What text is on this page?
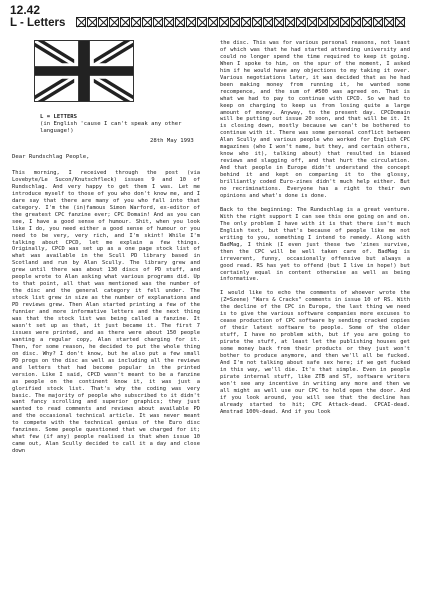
12.42
L - Letters
L = LETTERS
(in English 'cause I can't speak any other language!)
28th May 1993
Dear Rundschlag People,

This morning, I received through the post (via Lovebyte/Le Sucon/Knutschfleck) issues 9 and 10 of Rundschlag. And very happy to get them I was. Let me introduce myself to those of you who don't know me, and I dare say that there are many of you who fall into that category. I'm the (in)famous Simon Warford, ex-editor of the greatest CPC fanzine ever; CPC Domain! And as you can see, I have a good sense of humour. Shit, when you look like I do, you need either a good sense of humour or you need to be very, very rich, and I'm skint! While I'm talking about CPCD, let me explain a few things. Originally, CPCD was set up as a one page stock list of what was available in the Scull PD library based in Scotland and run by Alan Scully. The library grew and grew until there was about 130 discs of PD stuff, and people wrote to Alan asking what various programs did. Up to that point, all that was mentioned was the number of the disc and the general category it fell under. The stock list grew in size as the number of explanations and PD reviews grew. Then Alan started printing a few of the funnier and more informative letters and the next thing was that the stock list was being called a fanzine. It wasn't set up as that, it just became it. The first 7 issues were printed, and as there were about 150 people wanting a regular copy, Alan started charging for it. Then, for some reason, he decided to put the whole thing on disc. Why? I don't know, but he also put a few small PD progs on the disc as well as including all the reviews and letters that had become popular in the printed version. Like I said, CPCD wasn't meant to be a fanzine as people on the continent know it, it was just a glorified stock list. That's why the coding was very basic. The majority of people who subscribed to it didn't want fancy scrolling and superior graphics; they just wanted to read comments and reviews about available PD and the occasional technical article. It was never meant to compete with the technical genius of the Euro disc fanzines. Some people questioned that we charged for it; what few (if any) people realised is that when issue 10 came out, Alan Scully decided to call it a day and close down

the disc. This was for various personal reasons, not least of which was that he had started attending university and could no longer spend the time required to keep it going. When I spoke to him, on the spur of the moment, I asked him if he would have any objections to my taking it over. Various negotiations later, it was decided that as he had been making money from running it, he wanted some recompence, and the sum of #500 was agreed on. That is what we had to pay to continue with CPCD. So we had to keep on charging to keep us from losing quite a large amount of money. Anyway, to the present day. CPCDomain will be putting out issue 20 soon, and that will be it. It is closing down, mostly because we can't be bothered to continue with it. There was some personal conflict between Alan Scully and various people who worked for English CPC magazines (who I won't name, but they, and certain others, know who it), talking about) that resulted in biased reviews and slagging off, and that hurt the circulation. And that people in Europe didn't understand the concept behind it and kept on comparing it to the glossy, brilliantly coded Euro-zines didn't much help either. But no recriminations. Everyone has a right to their own opinions and what's done is done.

Back to the beginning: The Rundschlag is a great venture. With the right support I can see this one going on and on. The only problem I have with it is that there isn't much English text, but that's because of people like me not writing to you, something I intend to remedy. Along with BadMag, I think (I even just these two 'zines survive, then the CPC will be well taken care of. BadMag is irreverent, funny, occasionally offensive but always a good read. RS has yet to offend (but I live in hope!) but certainly equal in content otherwise as well as being informative.

I would like to echo the comments of whoever wrote the (Z=Szene) "Wars & Cracks" comments in issue 10 of RS. With the decline of the CPC in Europe, the last thing we need is to give the various software companies more excuses to cease production of CPC software by sending cracked copies of their latest software to people. Some of the older stuff, I have no problem with, but if you are going to pirate the stuff, at least let the publishing houses get some money back from their products or they just won't bother to produce anymore, and then we'll all be fucked. And I'm not talking about safe sex here; if we get fucked in this way, we'll die. It's that simple. Even in people pirate internal stuff, like ZTB and ST, software writers won't see any incentive in writing any more and then we all might as well use our CPC to hold open the door. And if you look around, you will see that the decline has already started to hit; CPC Attack-dead. CPCAI-dead. Amstrad 100%-dead. And if you look
